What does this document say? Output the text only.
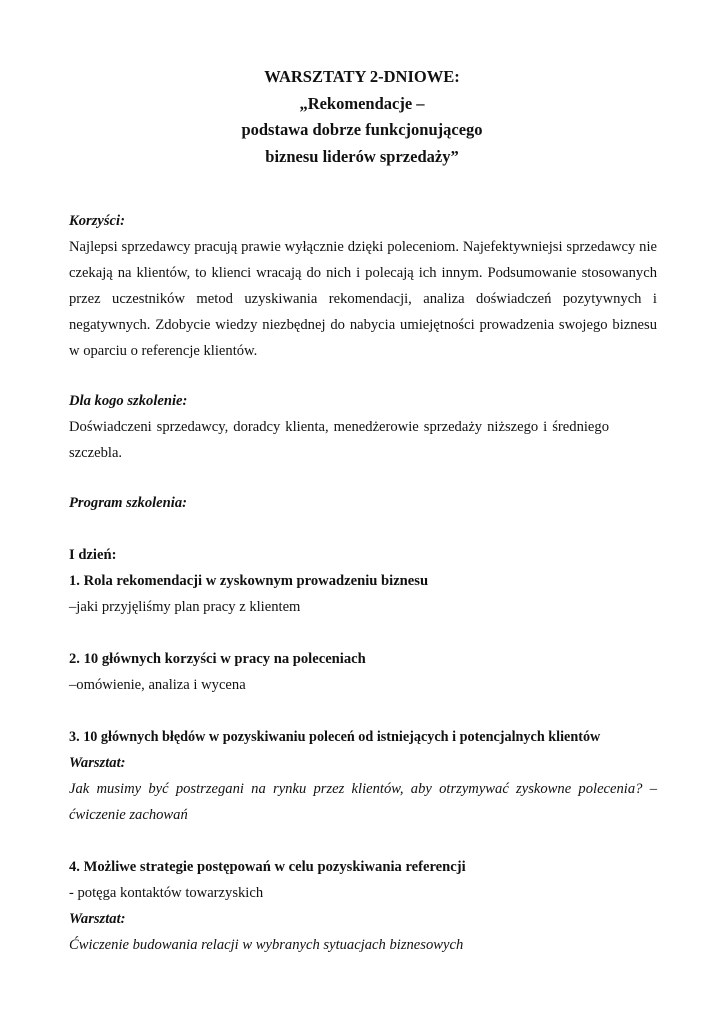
WARSZTATY 2-DNIOWE:
„Rekomendacje –
podstawa dobrze funkcjonującego
biznesu liderów sprzedaży”
Korzyści:
Najlepsi sprzedawcy pracują prawie wyłącznie dzięki poleceniom. Najefektywniejsi sprzedawcy nie czekają na klientów, to klienci wracają do nich i polecają ich innym. Podsumowanie stosowanych przez uczestników metod uzyskiwania rekomendacji, analiza doświadczeń pozytywnych i negatywnych. Zdobycie wiedzy niezbędnej do nabycia umiejętności prowadzenia swojego biznesu w oparciu o referencje klientów.
Dla kogo szkolenie:
Doświadczeni sprzedawcy, doradcy klienta, menedżerowie sprzedaży niższego i średniego szczebla.
Program szkolenia:
I dzień:
1. Rola rekomendacji w zyskownym prowadzeniu biznesu
–jaki przyjęliśmy plan pracy z klientem
2. 10 głównych korzyści w pracy na poleceniach
–omówienie, analiza i wycena
3. 10 głównych błędów w pozyskiwaniu poleceń od istniejących i potencjalnych klientów
Warsztat:
Jak musimy być postrzegani na rynku przez klientów, aby otrzymywać zyskowne polecenia? – ćwiczenie zachowań
4. Możliwe strategie postępowań w celu pozyskiwania referencji
- potęga kontaktów towarzyskich
Warsztat:
Ćwiczenie budowania relacji w wybranych sytuacjach biznesowych
